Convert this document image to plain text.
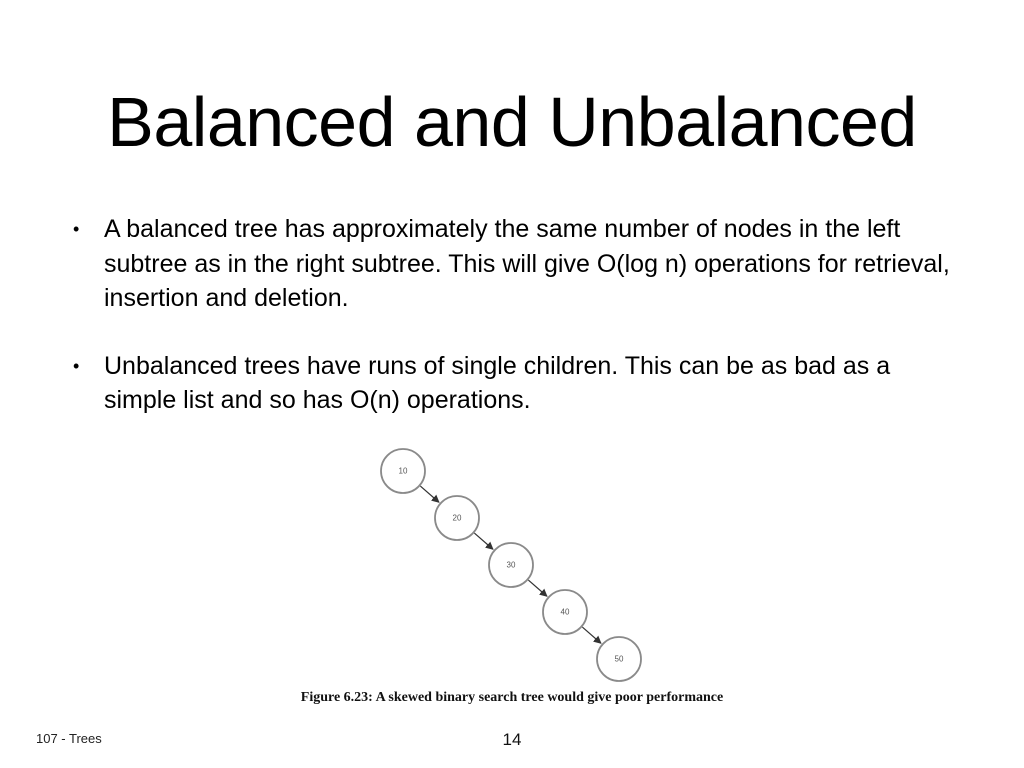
Balanced and Unbalanced
• A balanced tree has approximately the same number of nodes in the left subtree as in the right subtree. This will give O(log n) operations for retrieval, insertion and deletion.
• Unbalanced trees have runs of single children. This can be as bad as a simple list and so has O(n) operations.
10
20
30
40
50

Figure 6.23: A skewed binary search tree would give poor performance

107 - Trees	14
